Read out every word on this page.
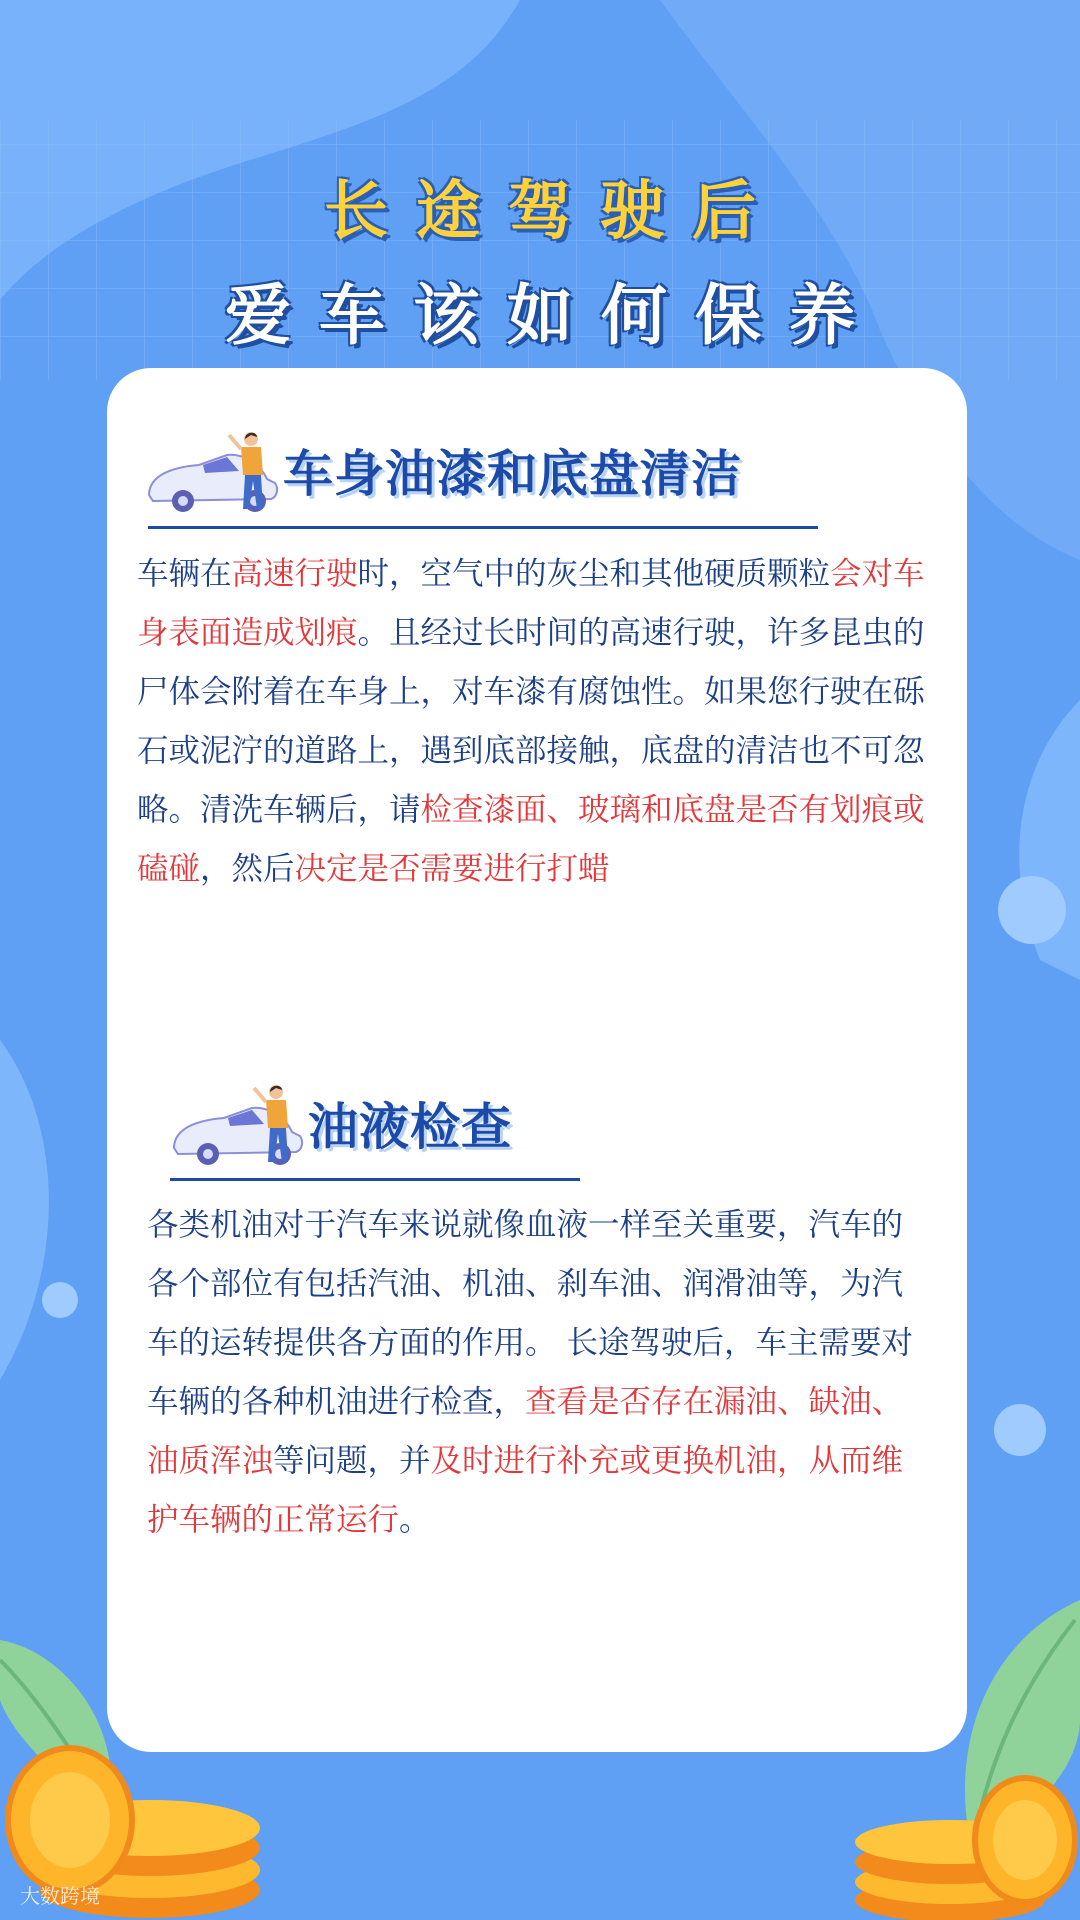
长途驾驶后
爱车该如何保养
车身油漆和底盘清洁
车辆在高速行驶时，空气中的灰尘和其他硬质颗粒会对车身表面造成划痕。且经过长时间的高速行驶，许多昆虫的尸体会附着在车身上，对车漆有腐蚀性。如果您行驶在砾石或泥泞的道路上，遇到底部接触，底盘的清洁也不可忽略。清洗车辆后，请检查漆面、玻璃和底盘是否有划痕或磕碰，然后决定是否需要进行打蜡
油液检查
各类机油对于汽车来说就像血液一样至关重要，汽车的各个部位有包括汽油、机油、刹车油、润滑油等，为汽车的运转提供各方面的作用。 长途驾驶后，车主需要对车辆的各种机油进行检查，查看是否存在漏油、缺油、油质浑浊等问题，并及时进行补充或更换机油，从而维护车辆的正常运行。
大数跨境
